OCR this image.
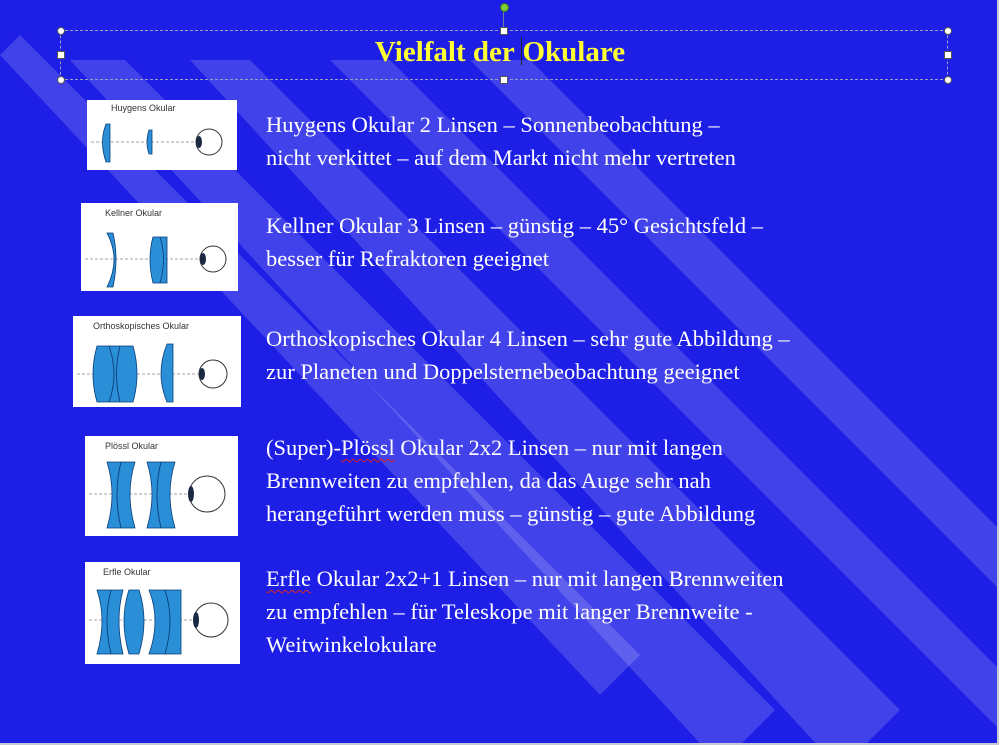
Vielfalt der Okulare
Huygens Okular
Huygens Okular 2 Linsen – Sonnenbeobachtung –
nicht verkittet – auf dem Markt nicht mehr vertreten
Kellner Okular	Kellner Okular 3 Linsen – günstig – 45° Gesichtsfeld –
besser für Refraktoren geeignet
Orthoskopisches Okular	Orthoskopisches Okular 4 Linsen – sehr gute Abbildung –
zur Planeten und Doppelsternebeobachtung geeignet
Plössl Okular	(Super)-Plössl Okular 2x2 Linsen – nur mit langen
Brennweiten zu empfehlen, da das Auge sehr nah
herangeführt werden muss – günstig – gute Abbildung
Erfle Okular	Erfle Okular 2x2+1 Linsen – nur mit langen Brennweiten
zu empfehlen – für Teleskope mit langer Brennweite -
Weitwinkelokulare
